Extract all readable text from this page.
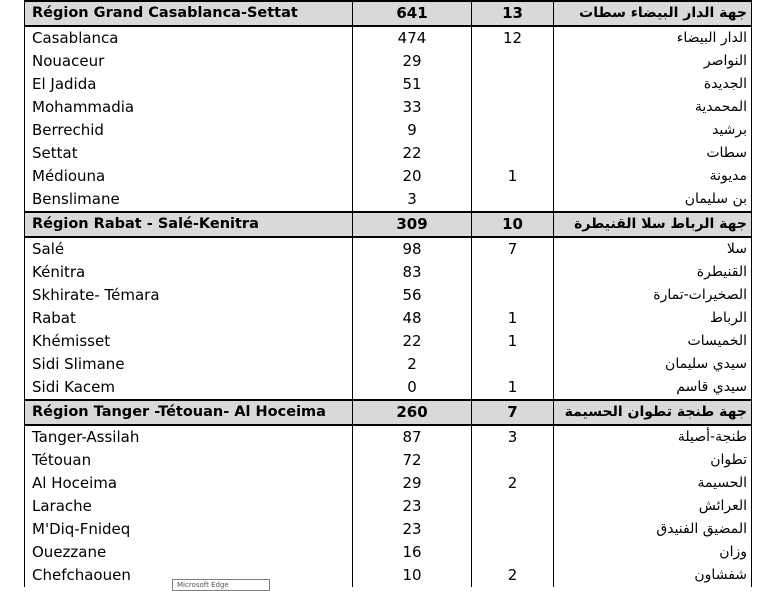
Région Grand Casablanca-Settat	641	13	جهة الدار البيضاء سطات
Casablanca	474	12	الدار البيضاء
Nouaceur	29		النواصر
El Jadida	51		الجديدة
Mohammadia	33		المحمدية
Berrechid	9		برشيد
Settat	22		سطات
Médiouna	20	1	مديونة
Benslimane	3		بن سليمان
Région Rabat - Salé-Kenitra	309	10	جهة الرباط سلا القنيطرة
Salé	98	7	سلا
Kénitra	83		القنيطرة
Skhirate- Témara	56		الصخيرات-تمارة
Rabat	48	1	الرباط
Khémisset	22	1	الخميسات
Sidi Slimane	2		سيدي سليمان
Sidi Kacem	0	1	سيدي قاسم
Région Tanger -Tétouan- Al Hoceima	260	7	جهة طنجة تطوان الحسيمة
Tanger-Assilah	87	3	طنجة-أصيلة
Tétouan	72		تطوان
Al Hoceima	29	2	الحسيمة
Larache	23		العرائش
M'Diq-Fnideq	23		المضيق الفنيدق
Ouezzane	16		وزان
Chefchaouen	10	2	شفشاون
Microsoft Edge
